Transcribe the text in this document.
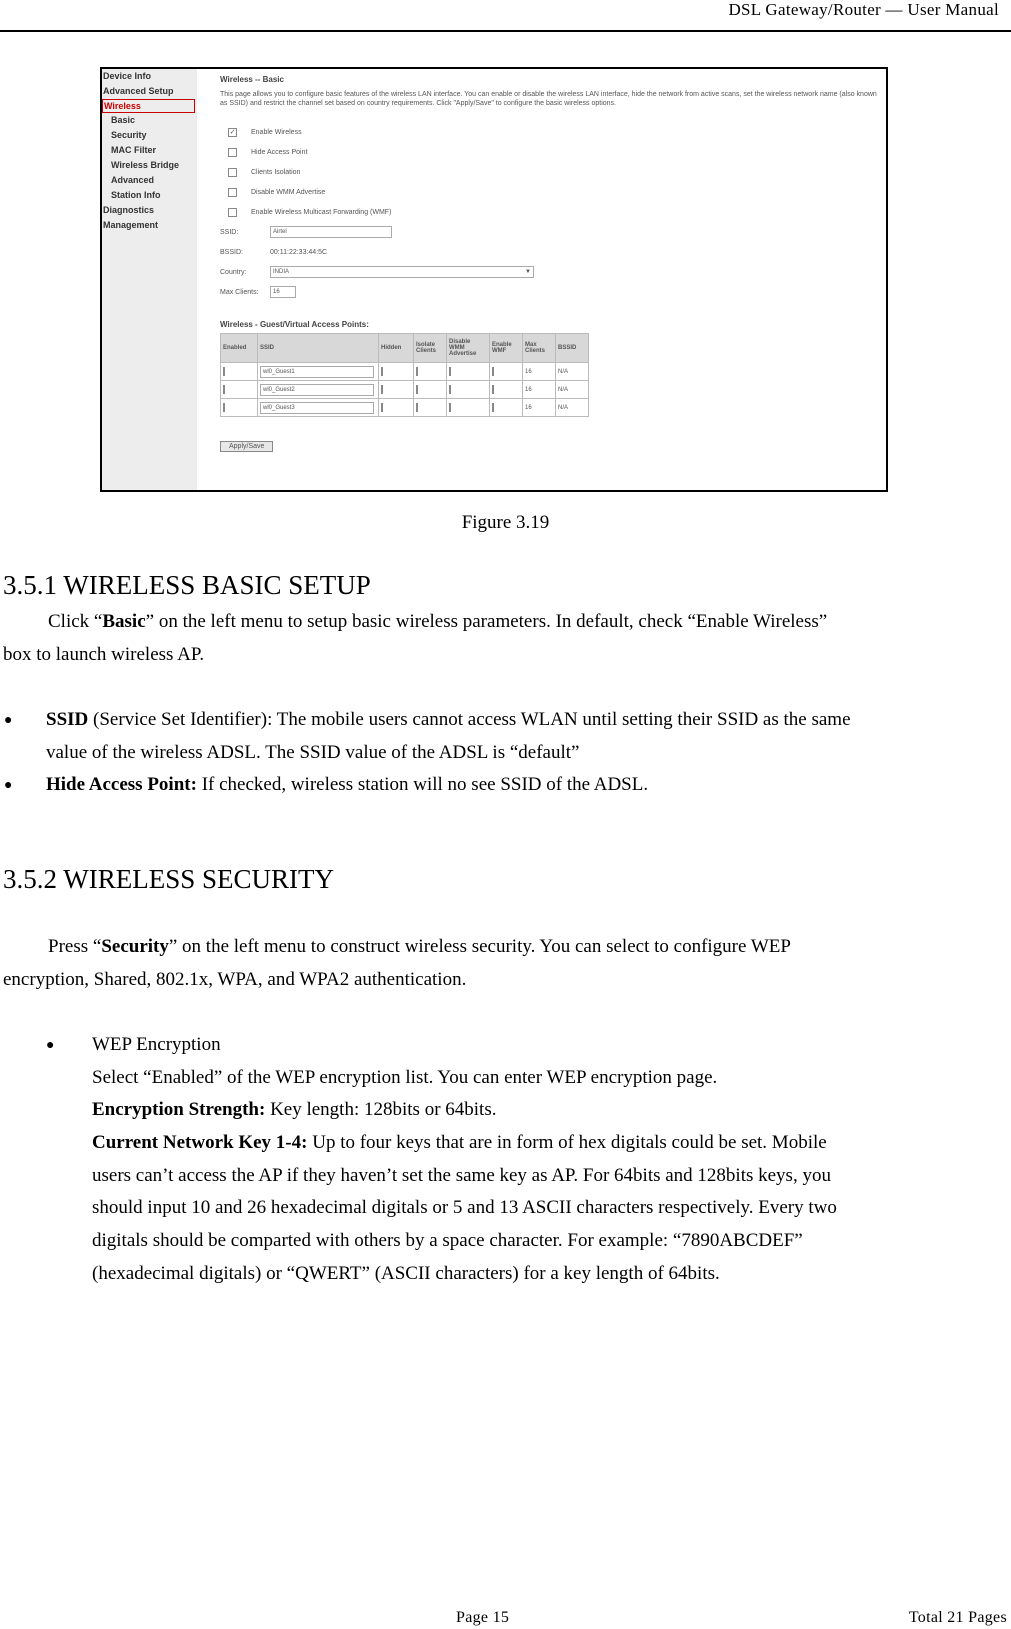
DSL Gateway/Router — User Manual
Device Info
Advanced Setup
Wireless
Basic
Security
MAC Filter
Wireless Bridge
Advanced
Station Info
Diagnostics
Management
Wireless -- Basic
This page allows you to configure basic features of the wireless LAN interface. You can enable or disable the wireless LAN interface, hide the network from active scans, set the wireless network name (also known as SSID) and restrict the channel set based on country requirements. Click "Apply/Save" to configure the basic wireless options.
✓ Enable Wireless
Hide Access Point
Clients Isolation
Disable WMM Advertise
Enable Wireless Multicast Forwarding (WMF)
SSID:	Airtel
BSSID:	00:11:22:33:44:5C
Country:	INDIA	▼
Max Clients:	16
Wireless - Guest/Virtual Access Points:
Enabled	SSID	Hidden	Isolate Clients	Disable WMM Advertise	Enable WMF	Max Clients	BSSID

	wl0_Guest1					16	N/A

	wl0_Guest2					16	N/A

	wl0_Guest3					16	N/A
Apply/Save
Figure 3.19
3.5.1 WIRELESS BASIC SETUP
Click “Basic” on the left menu to setup basic wireless parameters. In default, check “Enable Wireless”
box to launch wireless AP.
● SSID (Service Set Identifier): The mobile users cannot access WLAN until setting their SSID as the same
value of the wireless ADSL. The SSID value of the ADSL is “default”
● Hide Access Point: If checked, wireless station will no see SSID of the ADSL.
3.5.2 WIRELESS SECURITY
Press “Security” on the left menu to construct wireless security. You can select to configure WEP
encryption, Shared, 802.1x, WPA, and WPA2 authentication.
● WEP Encryption
Select “Enabled” of the WEP encryption list. You can enter WEP encryption page.
Encryption Strength: Key length: 128bits or 64bits.
Current Network Key 1-4: Up to four keys that are in form of hex digitals could be set. Mobile
users can’t access the AP if they haven’t set the same key as AP. For 64bits and 128bits keys, you
should input 10 and 26 hexadecimal digitals or 5 and 13 ASCII characters respectively. Every two
digitals should be comparted with others by a space character. For example: “7890ABCDEF”
(hexadecimal digitals) or “QWERT” (ASCII characters) for a key length of 64bits.
Page 15	Total 21 Pages
